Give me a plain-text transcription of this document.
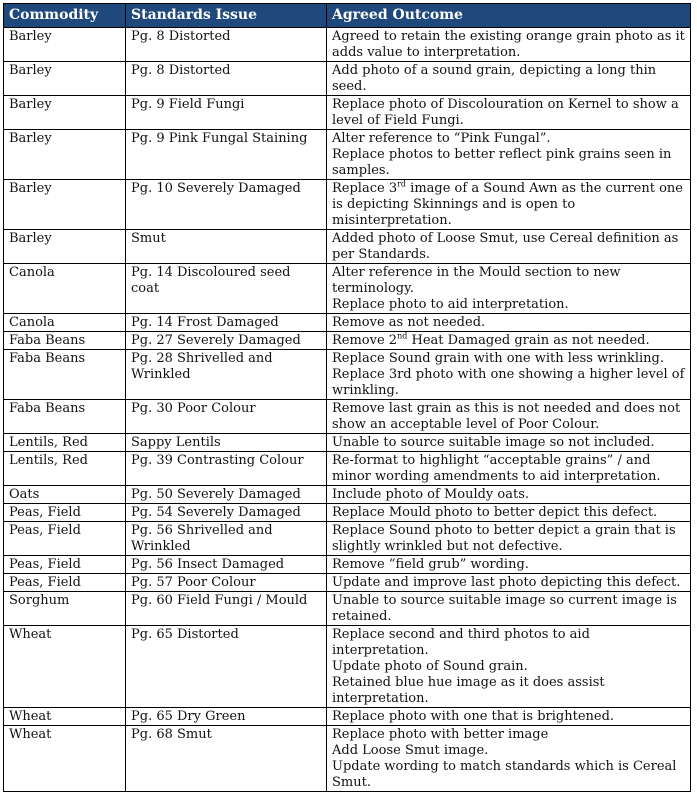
Commodity	Standards Issue	Agreed Outcome
Barley	Pg. 8 Distorted	Agreed to retain the existing orange grain photo as it adds value to interpretation.

Barley	Pg. 8 Distorted	Add photo of a sound grain, depicting a long thin seed.

Barley	Pg. 9 Field Fungi	Replace photo of Discolouration on Kernel to show a level of Field Fungi.

Barley	Pg. 9 Pink Fungal Staining	Alter reference to “Pink Fungal”.
Replace photos to better reflect pink grains seen in samples.

Barley	Pg. 10 Severely Damaged	Replace 3rd image of a Sound Awn as the current one is depicting Skinnings and is open to misinterpretation.

Barley	Smut	Added photo of Loose Smut, use Cereal definition as per Standards.

Canola	Pg. 14 Discoloured seed coat	Alter reference in the Mould section to new terminology.
Replace photo to aid interpretation.

Canola	Pg. 14 Frost Damaged	Remove as not needed.

Faba Beans	Pg. 27 Severely Damaged	Remove 2nd Heat Damaged grain as not needed.

Faba Beans	Pg. 28 Shrivelled and Wrinkled	Replace Sound grain with one with less wrinkling.
Replace 3rd photo with one showing a higher level of wrinkling.

Faba Beans	Pg. 30 Poor Colour	Remove last grain as this is not needed and does not show an acceptable level of Poor Colour.

Lentils, Red	Sappy Lentils	Unable to source suitable image so not included.

Lentils, Red	Pg. 39 Contrasting Colour	Re-format to highlight “acceptable grains” / and minor wording amendments to aid interpretation.

Oats	Pg. 50 Severely Damaged	Include photo of Mouldy oats.

Peas, Field	Pg. 54 Severely Damaged	Replace Mould photo to better depict this defect.

Peas, Field	Pg. 56 Shrivelled and Wrinkled	Replace Sound photo to better depict a grain that is slightly wrinkled but not defective.

Peas, Field	Pg. 56 Insect Damaged	Remove “field grub” wording.

Peas, Field	Pg. 57 Poor Colour	Update and improve last photo depicting this defect.

Sorghum	Pg. 60 Field Fungi / Mould	Unable to source suitable image so current image is retained.

Wheat	Pg. 65 Distorted	Replace second and third photos to aid interpretation.
Update photo of Sound grain.
Retained blue hue image as it does assist interpretation.

Wheat	Pg. 65 Dry Green	Replace photo with one that is brightened.

Wheat	Pg. 68 Smut	Replace photo with better image
Add Loose Smut image.
Update wording to match standards which is Cereal Smut.
